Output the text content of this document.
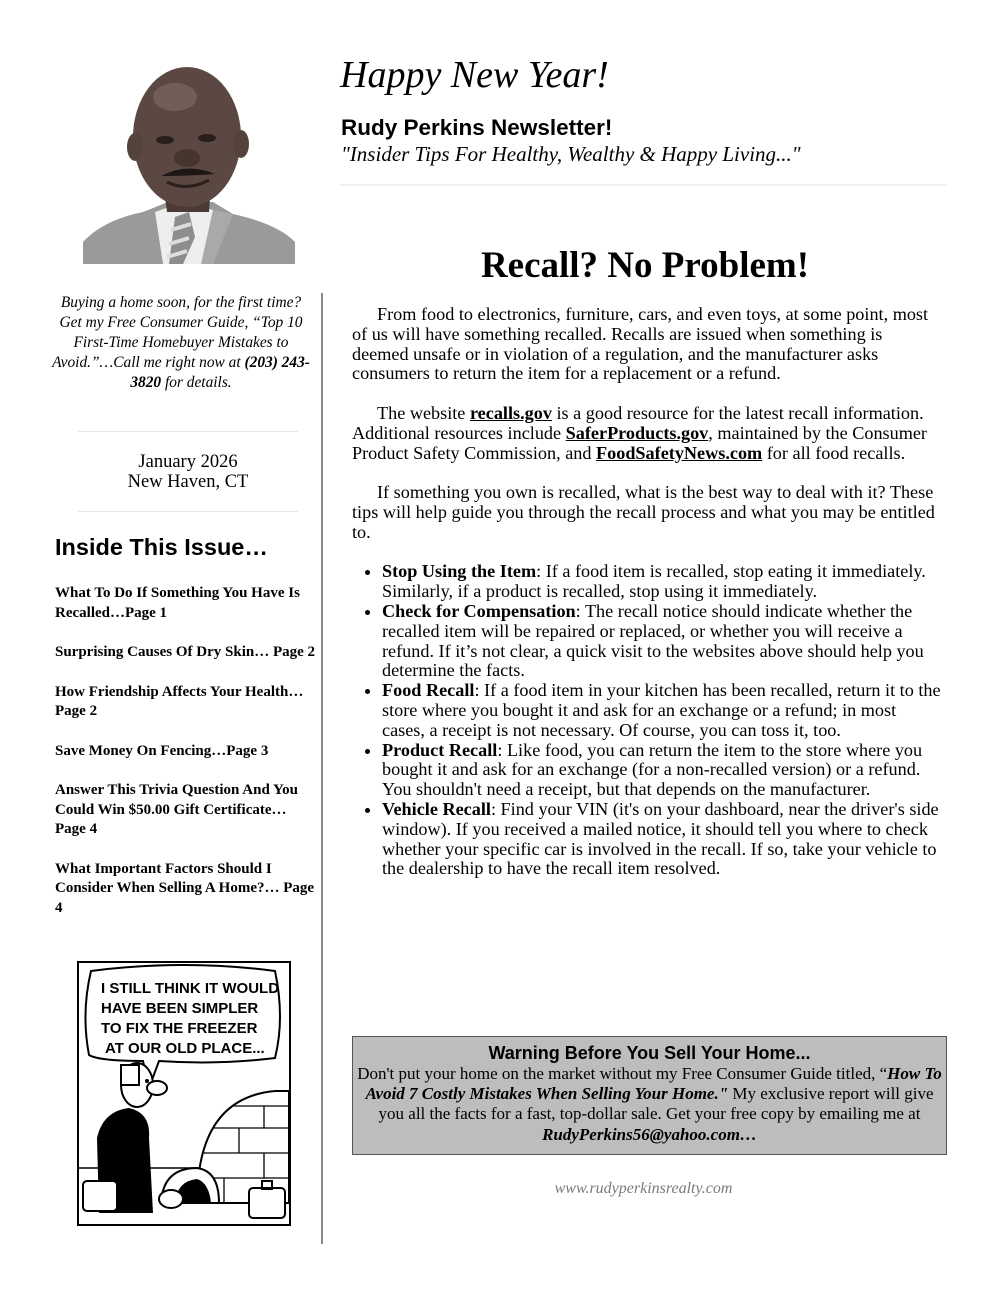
Happy New Year!
Rudy Perkins Newsletter!
"Insider Tips For Healthy, Wealthy & Happy Living..."
Buying a home soon, for the first time? Get my Free Consumer Guide, “Top 10 First-Time Homebuyer Mistakes to Avoid.”…Call me right now at (203) 243-3820 for details.
January 2026
New Haven, CT
Inside This Issue…
What To Do If Something You Have Is Recalled…Page 1
Surprising Causes Of Dry Skin… Page 2
How Friendship Affects Your Health…Page 2
Save Money On Fencing…Page 3
Answer This Trivia Question And You Could Win $50.00 Gift Certificate…Page 4
What Important Factors Should I Consider When Selling A Home?… Page 4
I STILL THINK IT WOULD
HAVE BEEN SIMPLER
TO FIX THE FREEZER
AT OUR OLD PLACE...
Recall? No Problem!

From food to electronics, furniture, cars, and even toys, at some point, most of us will have something recalled. Recalls are issued when something is deemed unsafe or in violation of a regulation, and the manufacturer asks consumers to return the item for a replacement or a refund.

The website recalls.gov is a good resource for the latest recall information. Additional resources include SaferProducts.gov, maintained by the Consumer Product Safety Commission, and FoodSafetyNews.com for all food recalls.

If something you own is recalled, what is the best way to deal with it? These tips will help guide you through the recall process and what you may be entitled to.

• Stop Using the Item: If a food item is recalled, stop eating it immediately. Similarly, if a product is recalled, stop using it immediately.
• Check for Compensation: The recall notice should indicate whether the recalled item will be repaired or replaced, or whether you will receive a refund. If it’s not clear, a quick visit to the websites above should help you determine the facts.
• Food Recall: If a food item in your kitchen has been recalled, return it to the store where you bought it and ask for an exchange or a refund; in most cases, a receipt is not necessary. Of course, you can toss it, too.
• Product Recall: Like food, you can return the item to the store where you bought it and ask for an exchange (for a non-recalled version) or a refund. You shouldn't need a receipt, but that depends on the manufacturer.
• Vehicle Recall: Find your VIN (it's on your dashboard, near the driver's side window). If you received a mailed notice, it should tell you where to check whether your specific car is involved in the recall. If so, take your vehicle to the dealership to have the recall item resolved.
Warning Before You Sell Your Home...
Don't put your home on the market without my Free Consumer Guide titled, “How To Avoid 7 Costly Mistakes When Selling Your Home." My exclusive report will give you all the facts for a fast, top-dollar sale. Get your free copy by emailing me at RudyPerkins56@yahoo.com…
www.rudyperkinsrealty.com
